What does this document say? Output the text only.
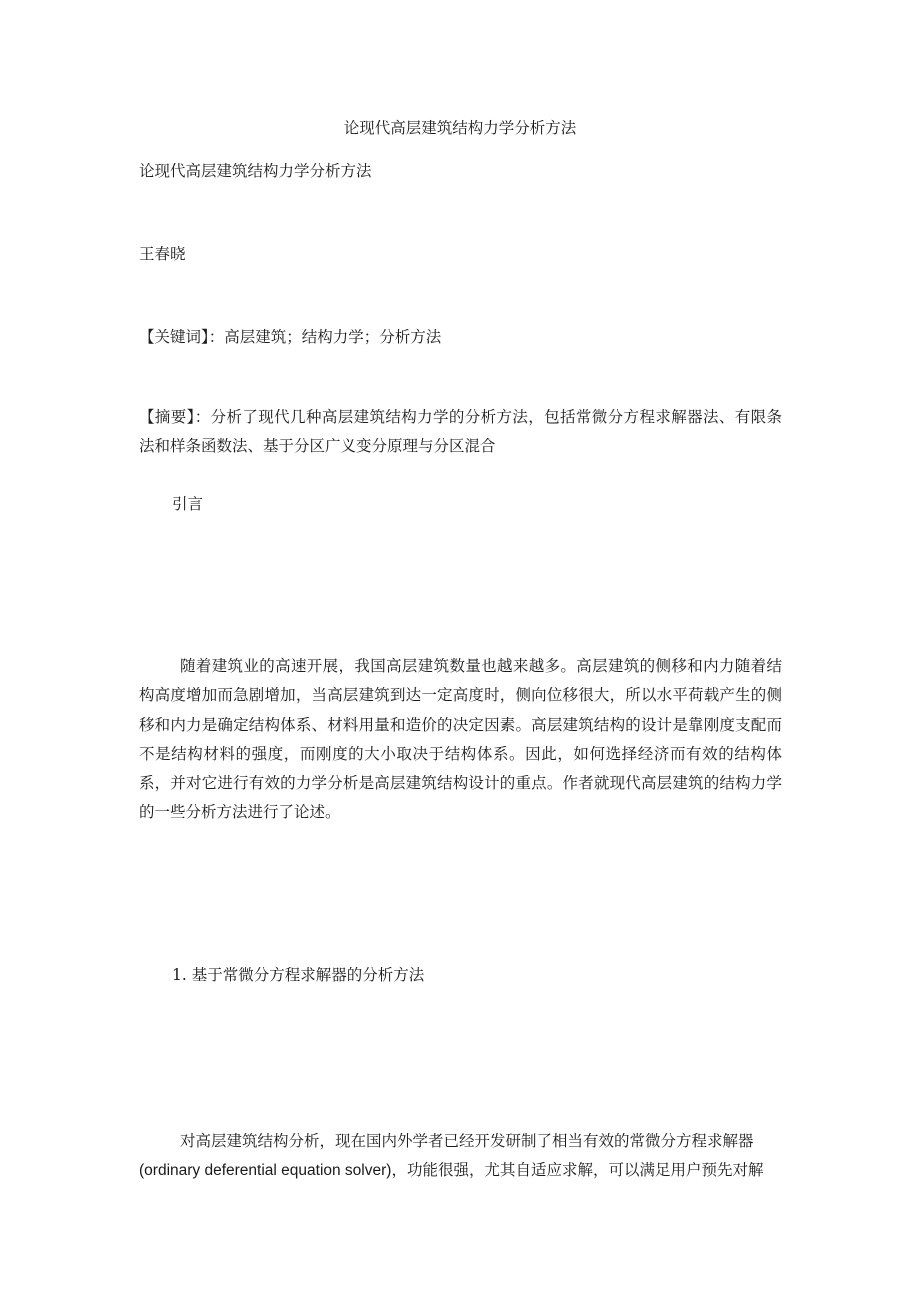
论现代高层建筑结构力学分析方法
论现代高层建筑结构力学分析方法
王春晓
【关键词】：高层建筑；结构力学；分析方法
【摘要】：分析了现代几种高层建筑结构力学的分析方法，包括常微分方程求解器法、有限条法和样条函数法、基于分区广义变分原理与分区混合
引言
随着建筑业的高速开展，我国高层建筑数量也越来越多。高层建筑的侧移和内力随着结构高度增加而急剧增加，当高层建筑到达一定高度时，侧向位移很大，所以水平荷载产生的侧移和内力是确定结构体系、材料用量和造价的决定因素。高层建筑结构的设计是靠刚度支配而不是结构材料的强度，而刚度的大小取决于结构体系。因此，如何选择经济而有效的结构体系，并对它进行有效的力学分析是高层建筑结构设计的重点。作者就现代高层建筑的结构力学的一些分析方法进行了论述。
1. 基于常微分方程求解器的分析方法
对高层建筑结构分析，现在国内外学者已经开发研制了相当有效的常微分方程求解器
(ordinary deferential equation solver)，功能很强，尤其自适应求解，可以满足用户预先对解
